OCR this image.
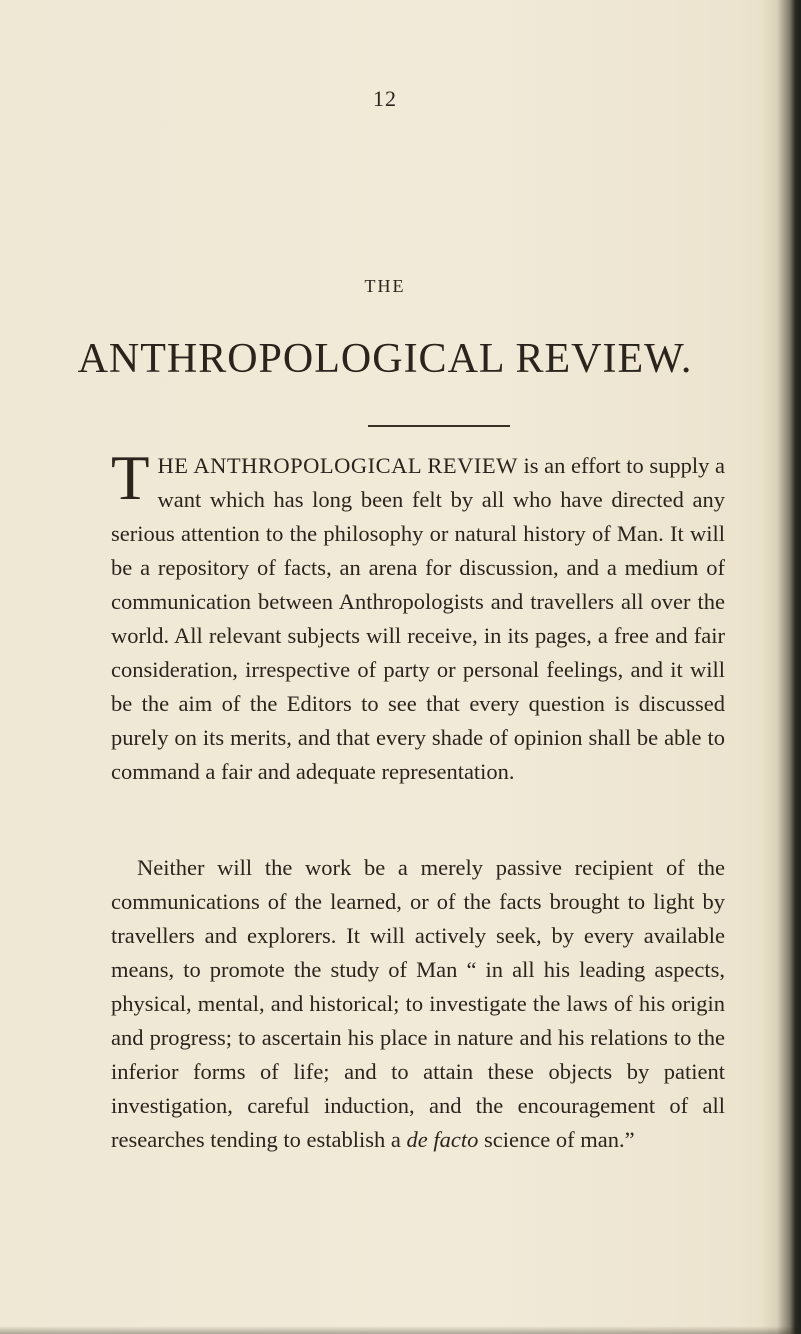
12
THE
ANTHROPOLOGICAL REVIEW.
THE ANTHROPOLOGICAL REVIEW is an effort to supply a want which has long been felt by all who have directed any serious attention to the philosophy or natural history of Man. It will be a repository of facts, an arena for discussion, and a medium of communication between Anthropologists and travellers all over the world. All relevant subjects will receive, in its pages, a free and fair consideration, irrespective of party or personal feelings, and it will be the aim of the Editors to see that every question is discussed purely on its merits, and that every shade of opinion shall be able to command a fair and adequate representation.
Neither will the work be a merely passive recipient of the communications of the learned, or of the facts brought to light by travellers and explorers. It will actively seek, by every available means, to promote the study of Man “ in all his leading aspects, physical, mental, and historical; to investigate the laws of his origin and progress; to ascertain his place in nature and his relations to the inferior forms of life; and to attain these objects by patient investigation, careful induction, and the encouragement of all researches tending to establish a de facto science of man.”
